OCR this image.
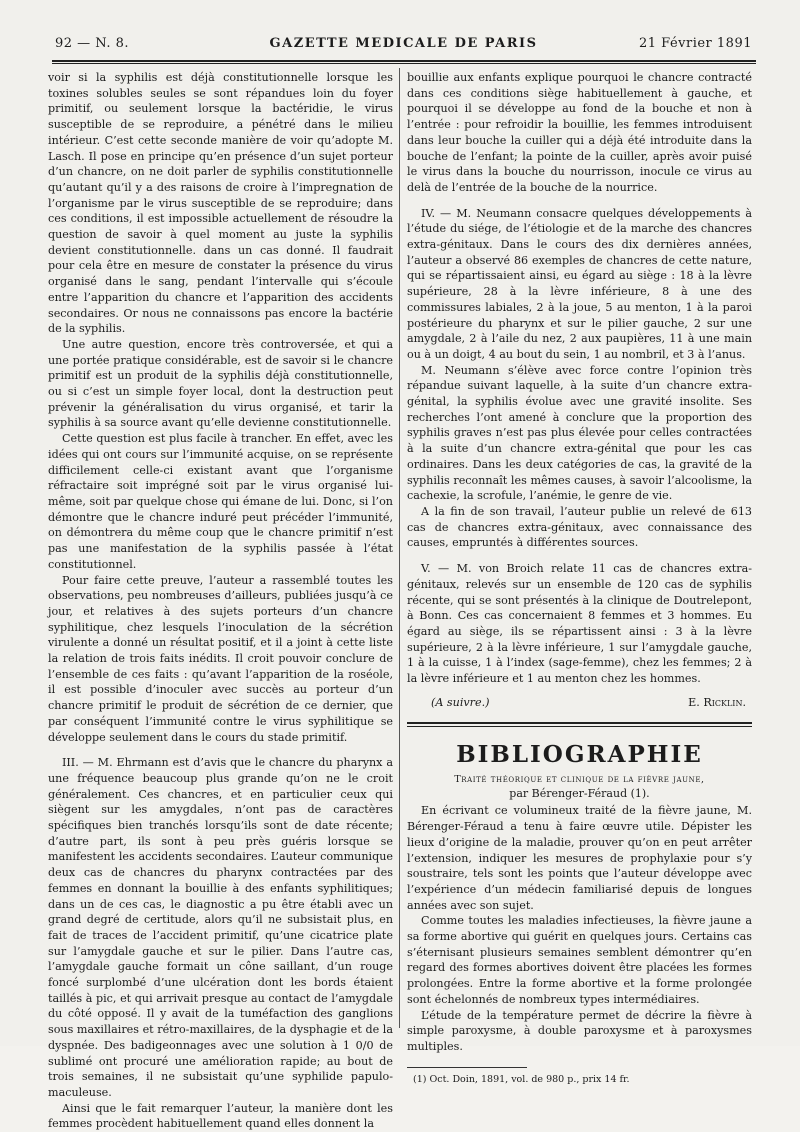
92 — N. 8.	GAZETTE MEDICALE DE PARIS	21 Février 1891

voir si la syphilis est déjà constitutionnelle lorsque les toxines solubles seules se sont répandues loin du foyer primitif, ou seulement lorsque la bactéridie, le virus susceptible de se reproduire, a pénétré dans le milieu intérieur. C’est cette seconde manière de voir qu’adopte M. Lasch. Il pose en principe qu’en présence d’un sujet porteur d’un chancre, on ne doit parler de syphilis constitutionnelle qu’autant qu’il y a des raisons de croire à l’impregnation de l’organisme par le virus susceptible de se reproduire; dans ces conditions, il est impossible actuellement de résoudre la question de savoir à quel moment au juste la syphilis devient constitutionnelle. dans un cas donné. Il faudrait pour cela être en mesure de constater la présence du virus organisé dans le sang, pendant l’intervalle qui s’écoule entre l’apparition du chancre et l’apparition des accidents secondaires. Or nous ne connaissons pas encore la bactérie de la syphilis.

Une autre question, encore très controversée, et qui a une portée pratique considérable, est de savoir si le chancre primitif est un produit de la syphilis déjà constitutionnelle, ou si c’est un simple foyer local, dont la destruction peut prévenir la généralisation du virus organisé, et tarir la syphilis à sa source avant qu’elle devienne constitutionnelle.

Cette question est plus facile à trancher. En effet, avec les idées qui ont cours sur l’immunité acquise, on se représente difficilement celle-ci existant avant que l’organisme réfractaire soit imprégné soit par le virus organisé lui-même, soit par quelque chose qui émane de lui. Donc, si l’on démontre que le chancre induré peut précéder l’immunité, on démontrera du même coup que le chancre primitif n’est pas une manifestation de la syphilis passée à l’état constitutionnel.

Pour faire cette preuve, l’auteur a rassemblé toutes les observations, peu nombreuses d’ailleurs, publiées jusqu’à ce jour, et relatives à des sujets porteurs d’un chancre syphilitique, chez lesquels l’inoculation de la sécrétion virulente a donné un résultat positif, et il a joint à cette liste la relation de trois faits inédits. Il croit pouvoir conclure de l’ensemble de ces faits : qu’avant l’apparition de la roséole, il est possible d’inoculer avec succès au porteur d’un chancre primitif le produit de sécrétion de ce dernier, que par conséquent l’immunité contre le virus syphilitique se développe seulement dans le cours du stade primitif.

III. — M. Ehrmann est d’avis que le chancre du pharynx a une fréquence beaucoup plus grande qu’on ne le croit généralement. Ces chancres, et en particulier ceux qui siègent sur les amygdales, n’ont pas de caractères spécifiques bien tranchés lorsqu’ils sont de date récente; d’autre part, ils sont à peu près guéris lorsque se manifestent les accidents secondaires. L’auteur communique deux cas de chancres du pharynx contractées par des femmes en donnant la bouillie à des enfants syphilitiques; dans un de ces cas, le diagnostic a pu être établi avec un grand degré de certitude, alors qu’il ne subsistait plus, en fait de traces de l’accident primitif, qu’une cicatrice plate sur l’amygdale gauche et sur le pilier. Dans l’autre cas, l’amygdale gauche formait un cône saillant, d’un rouge foncé surplombé d’une ulcération dont les bords étaient taillés à pic, et qui arrivait presque au contact de l’amygdale du côté opposé. Il y avait de la tuméfaction des ganglions sous maxillaires et rétro-maxillaires, de la dysphagie et de la dyspnée. Des badigeonnages avec une solution à 1 0/0 de sublimé ont procuré une amélioration rapide; au bout de trois semaines, il ne subsistait qu’une syphilide papulo-maculeuse.

Ainsi que le fait remarquer l’auteur, la manière dont les femmes procèdent habituellement quand elles donnent la

bouillie aux enfants explique pourquoi le chancre contracté dans ces conditions siège habituellement à gauche, et pourquoi il se développe au fond de la bouche et non à l’entrée : pour refroidir la bouillie, les femmes introduisent dans leur bouche la cuiller qui a déjà été introduite dans la bouche de l’enfant; la pointe de la cuiller, après avoir puisé le virus dans la bouche du nourrisson, inocule ce virus au delà de l’entrée de la bouche de la nourrice.

IV. — M. Neumann consacre quelques développements à l’étude du siége, de l’étiologie et de la marche des chancres extra-génitaux. Dans le cours des dix dernières années, l’auteur a observé 86 exemples de chancres de cette nature, qui se répartissaient ainsi, eu égard au siège : 18 à la lèvre supérieure, 28 à la lèvre inférieure, 8 à une des commissures labiales, 2 à la joue, 5 au menton, 1 à la paroi postérieure du pharynx et sur le pilier gauche, 2 sur une amygdale, 2 à l’aile du nez, 2 aux paupières, 11 à une main ou à un doigt, 4 au bout du sein, 1 au nombril, et 3 à l’anus.

M. Neumann s’élève avec force contre l’opinion très répandue suivant laquelle, à la suite d’un chancre extra-génital, la syphilis évolue avec une gravité insolite. Ses recherches l’ont amené à conclure que la proportion des syphilis graves n’est pas plus élevée pour celles contractées à la suite d’un chancre extra-génital que pour les cas ordinaires. Dans les deux catégories de cas, la gravité de la syphilis reconnaît les mêmes causes, à savoir l’alcoolisme, la cachexie, la scrofule, l’anémie, le genre de vie.

A la fin de son travail, l’auteur publie un relevé de 613 cas de chancres extra-génitaux, avec connaissance des causes, empruntés à différentes sources.

V. — M. von Broich relate 11 cas de chancres extra-génitaux, relevés sur un ensemble de 120 cas de syphilis récente, qui se sont présentés à la clinique de Doutrelepont, à Bonn. Ces cas concernaient 8 femmes et 3 hommes. Eu égard au siège, ils se répartissent ainsi : 3 à la lèvre supérieure, 2 à la lèvre inférieure, 1 sur l’amygdale gauche, 1 à la cuisse, 1 à l’index (sage-femme), chez les femmes; 2 à la lèvre inférieure et 1 au menton chez les hommes.

(A suivre.)	E. Ricklin.
BIBLIOGRAPHIE
Traité théorique et clinique de la fièvre jaune,
par Bérenger-Féraud (1).

En écrivant ce volumineux traité de la fièvre jaune, M. Bérenger-Féraud a tenu à faire œuvre utile. Dépister les lieux d’origine de la maladie, prouver qu’on en peut arrêter l’extension, indiquer les mesures de prophylaxie pour s’y soustraire, tels sont les points que l’auteur développe avec l’expérience d’un médecin familiarisé depuis de longues années avec son sujet.

Comme toutes les maladies infectieuses, la fièvre jaune a sa forme abortive qui guérit en quelques jours. Certains cas s’éternisant plusieurs semaines semblent démontrer qu’en regard des formes abortives doivent être placées les formes prolongées. Entre la forme abortive et la forme prolongée sont échelonnés de nombreux types intermédiaires.

L’étude de la température permet de décrire la fièvre à simple paroxysme, à double paroxysme et à paroxysmes multiples.

(1) Oct. Doin, 1891, vol. de 980 p., prix 14 fr.
